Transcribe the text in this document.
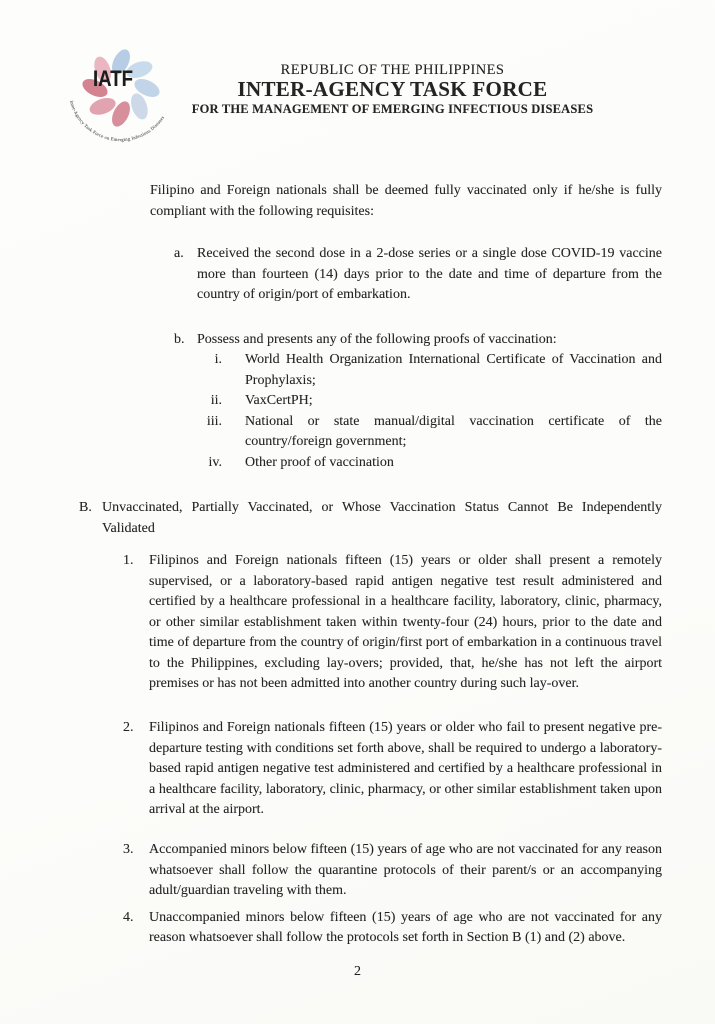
IATF
Inter-Agency Task Force on Emerging Infectious Diseases
REPUBLIC OF THE PHILIPPINES
INTER-AGENCY TASK FORCE
FOR THE MANAGEMENT OF EMERGING INFECTIOUS DISEASES

Filipino and Foreign nationals shall be deemed fully vaccinated only if he/she is fully compliant with the following requisites:

a. Received the second dose in a 2-dose series or a single dose COVID-19 vaccine more than fourteen (14) days prior to the date and time of departure from the country of origin/port of embarkation.
b. Possess and presents any of the following proofs of vaccination:
i. World Health Organization International Certificate of Vaccination and Prophylaxis;
ii. VaxCertPH;
iii. National or state manual/digital vaccination certificate of the country/foreign government;
iv. Other proof of vaccination
B. Unvaccinated, Partially Vaccinated, or Whose Vaccination Status Cannot Be Independently Validated
1.	Filipinos and Foreign nationals fifteen (15) years or older shall present a remotely supervised, or a laboratory-based rapid antigen negative test result administered and certified by a healthcare professional in a healthcare facility, laboratory, clinic, pharmacy, or other similar establishment taken within twenty-four (24) hours, prior to the date and time of departure from the country of origin/first port of embarkation in a continuous travel to the Philippines, excluding lay-overs; provided, that, he/she has not left the airport premises or has not been admitted into another country during such lay-over.
2.	Filipinos and Foreign nationals fifteen (15) years or older who fail to present negative pre-departure testing with conditions set forth above, shall be required to undergo a laboratory-based rapid antigen negative test administered and certified by a healthcare professional in a healthcare facility, laboratory, clinic, pharmacy, or other similar establishment taken upon arrival at the airport.
3.	Accompanied minors below fifteen (15) years of age who are not vaccinated for any reason whatsoever shall follow the quarantine protocols of their parent/s or an accompanying adult/guardian traveling with them.
4.	Unaccompanied minors below fifteen (15) years of age who are not vaccinated for any reason whatsoever shall follow the protocols set forth in Section B (1) and (2) above.
2
